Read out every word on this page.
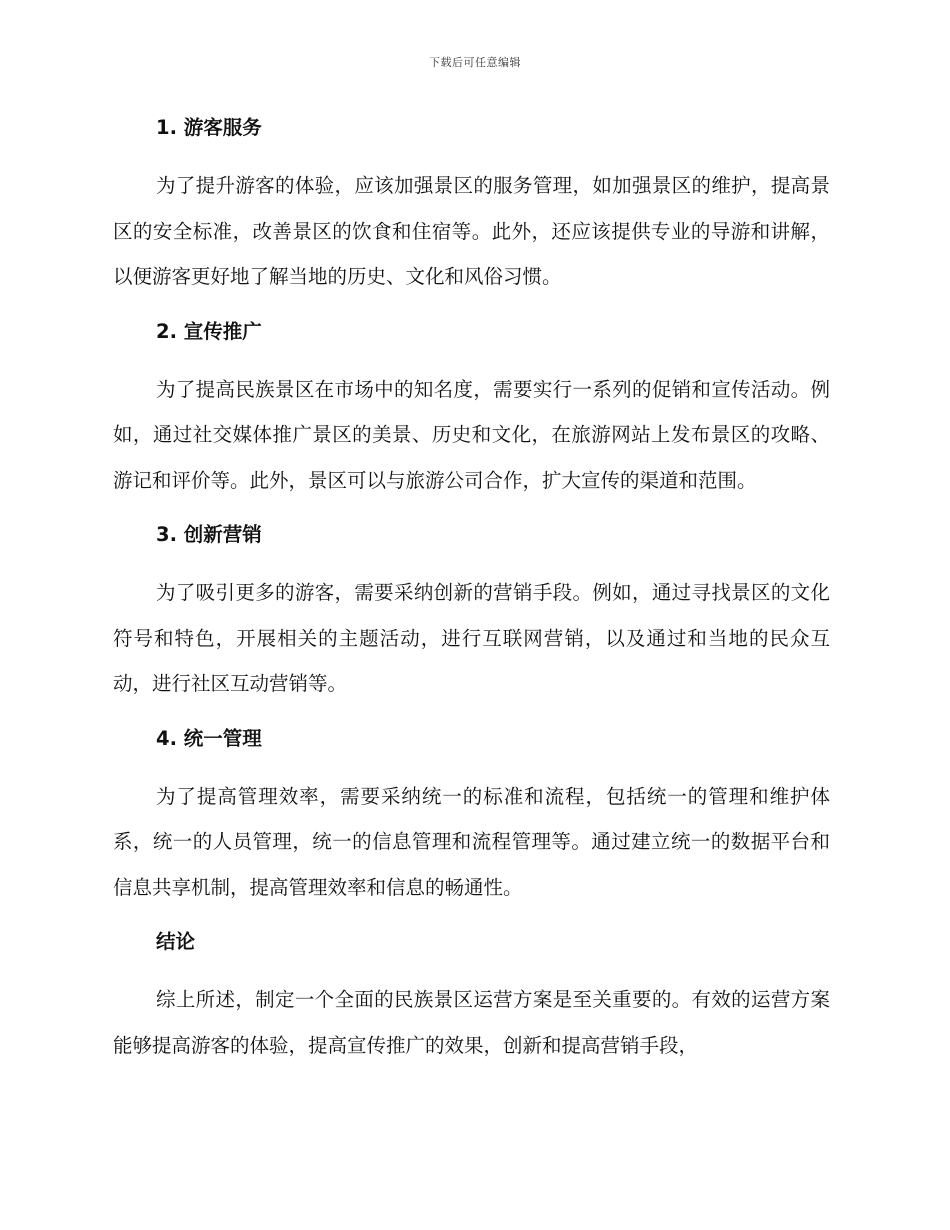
下载后可任意编辑
1. 游客服务

为了提升游客的体验，应该加强景区的服务管理，如加强景区的维护，提高景区的安全标准，改善景区的饮食和住宿等。此外，还应该提供专业的导游和讲解，以便游客更好地了解当地的历史、文化和风俗习惯。

2. 宣传推广

为了提高民族景区在市场中的知名度，需要实行一系列的促销和宣传活动。例如，通过社交媒体推广景区的美景、历史和文化，在旅游网站上发布景区的攻略、游记和评价等。此外，景区可以与旅游公司合作，扩大宣传的渠道和范围。

3. 创新营销

为了吸引更多的游客，需要采纳创新的营销手段。例如，通过寻找景区的文化符号和特色，开展相关的主题活动，进行互联网营销，以及通过和当地的民众互动，进行社区互动营销等。

4. 统一管理

为了提高管理效率，需要采纳统一的标准和流程，包括统一的管理和维护体系，统一的人员管理，统一的信息管理和流程管理等。通过建立统一的数据平台和信息共享机制，提高管理效率和信息的畅通性。

结论

综上所述，制定一个全面的民族景区运营方案是至关重要的。有效的运营方案能够提高游客的体验，提高宣传推广的效果，创新和提高营销手段，
